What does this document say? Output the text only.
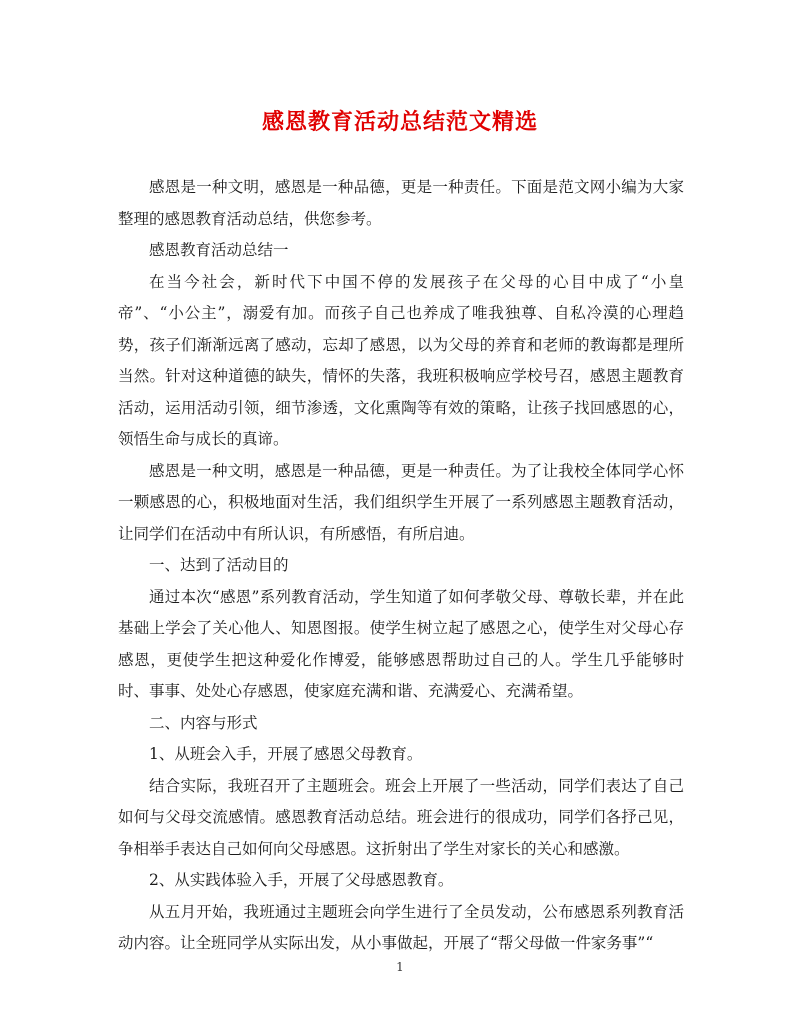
感恩教育活动总结范文精选

感恩是一种文明，感恩是一种品德，更是一种责任。下面是范文网小编为大家整理的感恩教育活动总结，供您参考。

感恩教育活动总结一

在当今社会，新时代下中国不停的发展孩子在父母的心目中成了“小皇帝”、“小公主”，溺爱有加。而孩子自己也养成了唯我独尊、自私冷漠的心理趋势，孩子们渐渐远离了感动，忘却了感恩，以为父母的养育和老师的教诲都是理所当然。针对这种道德的缺失，情怀的失落，我班积极响应学校号召，感恩主题教育活动，运用活动引领，细节渗透，文化熏陶等有效的策略，让孩子找回感恩的心，领悟生命与成长的真谛。

感恩是一种文明，感恩是一种品德，更是一种责任。为了让我校全体同学心怀一颗感恩的心，积极地面对生活，我们组织学生开展了一系列感恩主题教育活动，让同学们在活动中有所认识，有所感悟，有所启迪。

一、达到了活动目的

通过本次“感恩”系列教育活动，学生知道了如何孝敬父母、尊敬长辈，并在此基础上学会了关心他人、知恩图报。使学生树立起了感恩之心，使学生对父母心存感恩，更使学生把这种爱化作博爱，能够感恩帮助过自己的人。学生几乎能够时时、事事、处处心存感恩，使家庭充满和谐、充满爱心、充满希望。

二、内容与形式

1、从班会入手，开展了感恩父母教育。

结合实际，我班召开了主题班会。班会上开展了一些活动，同学们表达了自己如何与父母交流感情。感恩教育活动总结。班会进行的很成功，同学们各抒己见，争相举手表达自己如何向父母感恩。这折射出了学生对家长的关心和感激。

2、从实践体验入手，开展了父母感恩教育。

从五月开始，我班通过主题班会向学生进行了全员发动，公布感恩系列教育活动内容。让全班同学从实际出发，从小事做起，开展了“帮父母做一件家务事”“

1
